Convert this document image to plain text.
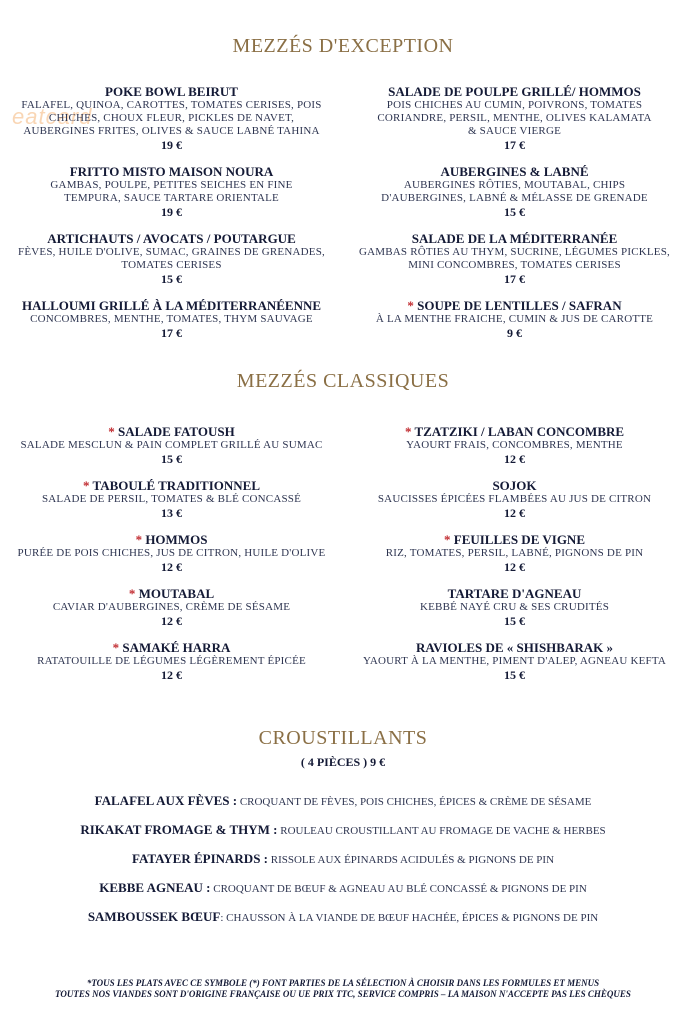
eatcard
MEZZÉS D'EXCEPTION
POKE BOWL BEIRUT
FALAFEL, QUINOA, CAROTTES, TOMATES CERISES, POIS
CHICHES, CHOUX FLEUR, PICKLES DE NAVET,
AUBERGINES FRITES, OLIVES & SAUCE LABNÉ TAHINA
19 €
FRITTO MISTO MAISON NOURA
GAMBAS, POULPE, PETITES SEICHES EN FINE
TEMPURA, SAUCE TARTARE ORIENTALE
19 €
ARTICHAUTS / AVOCATS / POUTARGUE
FÈVES, HUILE D'OLIVE, SUMAC, GRAINES DE GRENADES,
TOMATES CERISES
15 €
HALLOUMI GRILLÉ À LA MÉDITERRANÉENNE
CONCOMBRES, MENTHE, TOMATES, THYM SAUVAGE
17 €
SALADE DE POULPE GRILLÉ/ HOMMOS
POIS CHICHES AU CUMIN, POIVRONS, TOMATES
CORIANDRE, PERSIL, MENTHE, OLIVES KALAMATA
& SAUCE VIERGE
17 €
AUBERGINES & LABNÉ
AUBERGINES RÔTIES, MOUTABAL, CHIPS
D'AUBERGINES, LABNÉ & MÉLASSE DE GRENADE
15 €
SALADE DE LA MÉDITERRANÉE
GAMBAS RÔTIES AU THYM, SUCRINE, LÉGUMES PICKLES,
MINI CONCOMBRES, TOMATES CERISES
17 €
* SOUPE DE LENTILLES / SAFRAN
À LA MENTHE FRAICHE, CUMIN & JUS DE CAROTTE
9 €
MEZZÉS CLASSIQUES
* SALADE FATOUSH
SALADE MESCLUN & PAIN COMPLET GRILLÉ AU SUMAC
15 €
* TABOULÉ TRADITIONNEL
SALADE DE PERSIL, TOMATES & BLÉ CONCASSÉ
13 €
* HOMMOS
PURÉE DE POIS CHICHES, JUS DE CITRON, HUILE D'OLIVE
12 €
* MOUTABAL
CAVIAR D'AUBERGINES, CRÈME DE SÉSAME
12 €
* SAMAKÉ HARRA
RATATOUILLE DE LÉGUMES LÉGÈREMENT ÉPICÉE
12 €
* TZATZIKI / LABAN CONCOMBRE
YAOURT FRAIS, CONCOMBRES, MENTHE
12 €
SOJOK
SAUCISSES ÉPICÉES FLAMBÉES AU JUS DE CITRON
12 €
* FEUILLES DE VIGNE
RIZ, TOMATES, PERSIL, LABNÉ, PIGNONS DE PIN
12 €
TARTARE D'AGNEAU
KEBBÉ NAYÉ CRU & SES CRUDITÉS
15 €
RAVIOLES DE « SHISHBARAK »
YAOURT À LA MENTHE, PIMENT D'ALEP, AGNEAU KEFTA
15 €
CROUSTILLANTS
( 4 PIÈCES ) 9 €
FALAFEL AUX FÈVES : CROQUANT DE FÈVES, POIS CHICHES, ÉPICES & CRÈME DE SÉSAME
RIKAKAT FROMAGE & THYM : ROULEAU CROUSTILLANT AU FROMAGE DE VACHE & HERBES
FATAYER ÉPINARDS : RISSOLE AUX ÉPINARDS ACIDULÉS & PIGNONS DE PIN
KEBBE AGNEAU : CROQUANT DE BŒUF & AGNEAU AU BLÉ CONCASSÉ & PIGNONS DE PIN
SAMBOUSSEK BŒUF: CHAUSSON À LA VIANDE DE BŒUF HACHÉE, ÉPICES & PIGNONS DE PIN
*TOUS LES PLATS AVEC CE SYMBOLE (*) FONT PARTIES DE LA SÉLECTION À CHOISIR DANS LES FORMULES ET MENUS
TOUTES NOS VIANDES SONT D'ORIGINE FRANÇAISE OU UE PRIX TTC, SERVICE COMPRIS – LA MAISON N'ACCEPTE PAS LES CHÈQUES
